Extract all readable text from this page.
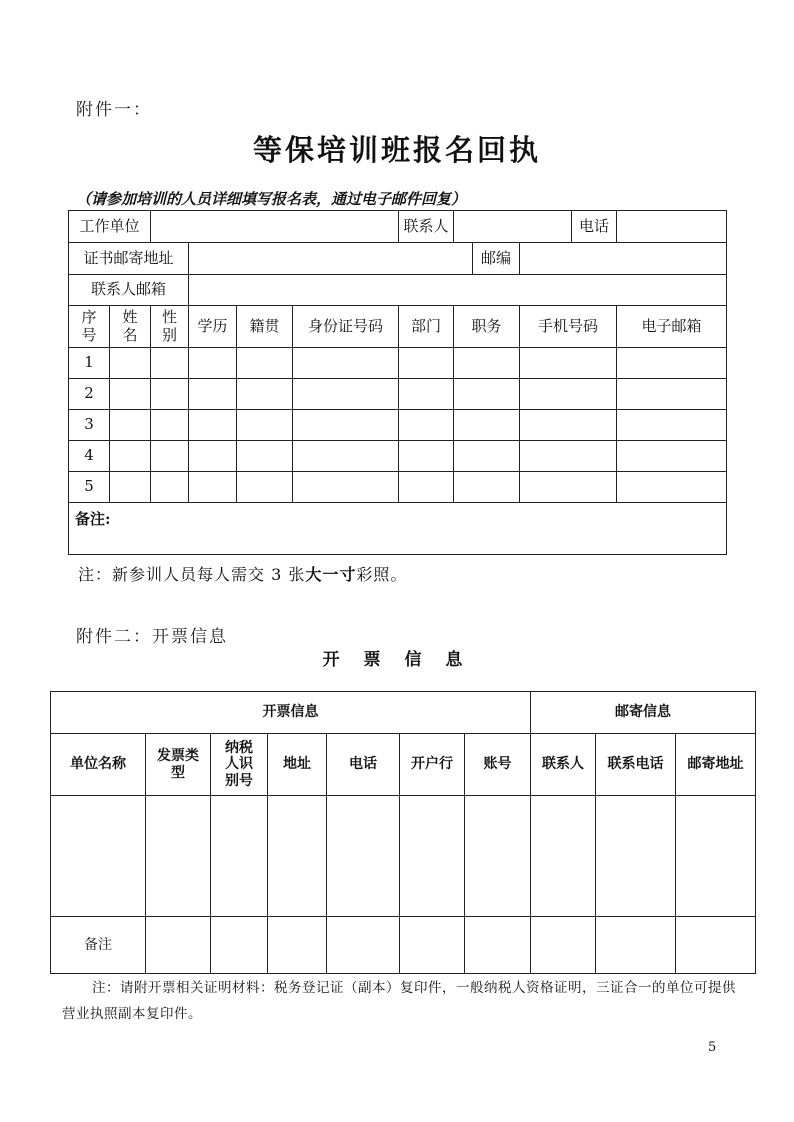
附件一：
等保培训班报名回执
（请参加培训的人员详细填写报名表，通过电子邮件回复）
工作单位						联系人	电话		

证书邮寄地址			邮编						

联系人邮箱									
序号	姓名	性别	学历	籍贯	身份证号码	部门	职务	手机号码	电子邮箱
1									
2									
3									
4									
5									
备注:									
注：新参训人员每人需交 3 张大一寸彩照。
附件二：开票信息
开 票 信 息
开票信息							邮寄信息		
单位名称	发票类型	纳税人识别号	地址	电话	开户行	账号	联系人	联系电话	邮寄地址

备注									
注：请附开票相关证明材料：税务登记证（副本）复印件，一般纳税人资格证明，三证合一的单位可提供营业执照副本复印件。
5
